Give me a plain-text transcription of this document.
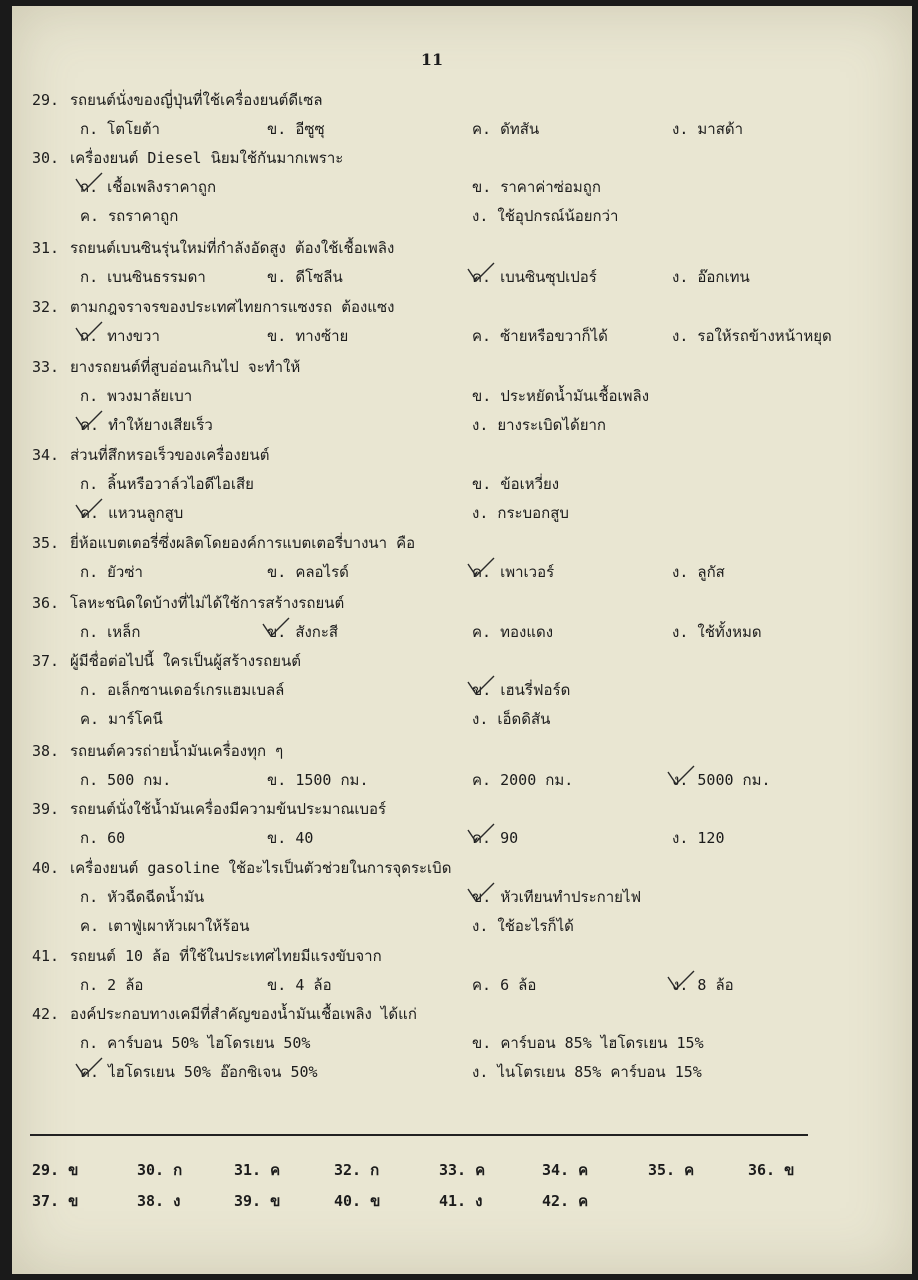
11
29. รถยนต์นั่งของญี่ปุ่นที่ใช้เครื่องยนต์ดีเซล
ก. โตโยต้า	ข. อีซูซุ	ค. ดัทสัน	ง. มาสด้า
30. เครื่องยนต์ Diesel นิยมใช้กันมากเพราะ
ก. เชื้อเพลิงราคาถูก	ข. ราคาค่าซ่อมถูก
ค. รถราคาถูก	ง. ใช้อุปกรณ์น้อยกว่า
31. รถยนต์เบนซินรุ่นใหม่ที่กำลังอัดสูง ต้องใช้เชื้อเพลิง
ก. เบนซินธรรมดา	ข. ดีโซลีน	ค. เบนซินซุปเปอร์	ง. อ๊อกเทน
32. ตามกฎจราจรของประเทศไทยการแซงรถ ต้องแซง
ก. ทางขวา	ข. ทางซ้าย	ค. ซ้ายหรือขวาก็ได้	ง. รอให้รถข้างหน้าหยุด
33. ยางรถยนต์ที่สูบอ่อนเกินไป จะทำให้
ก. พวงมาลัยเบา	ข. ประหยัดน้ำมันเชื้อเพลิง
ค. ทำให้ยางเสียเร็ว	ง. ยางระเบิดได้ยาก
34. ส่วนที่สึกหรอเร็วของเครื่องยนต์
ก. ลิ้นหรือวาล์วไอดีไอเสีย	ข. ข้อเหวี่ยง
ค. แหวนลูกสูบ	ง. กระบอกสูบ
35. ยี่ห้อแบตเตอรี่ซึ่งผลิตโดยองค์การแบตเตอรี่บางนา คือ
ก. ยัวซ่า	ข. คลอไรด์	ค. เพาเวอร์	ง. ลูกัส
36. โลหะชนิดใดบ้างที่ไม่ได้ใช้การสร้างรถยนต์
ก. เหล็ก	ข. สังกะสี	ค. ทองแดง	ง. ใช้ทั้งหมด
37. ผู้มีชื่อต่อไปนี้ ใครเป็นผู้สร้างรถยนต์
ก. อเล็กซานเดอร์เกรแฮมเบลล์	ข. เฮนรี่ฟอร์ด
ค. มาร์โคนี	ง. เอ็ดดิสัน
38. รถยนต์ควรถ่ายน้ำมันเครื่องทุก ๆ
ก. 500 กม.	ข. 1500 กม.	ค. 2000 กม.	ง. 5000 กม.
39. รถยนต์นั่งใช้น้ำมันเครื่องมีความข้นประมาณเบอร์
ก. 60	ข. 40	ค. 90	ง. 120
40. เครื่องยนต์ gasoline ใช้อะไรเป็นตัวช่วยในการจุดระเบิด
ก. หัวฉีดฉีดน้ำมัน	ข. หัวเทียนทำประกายไฟ
ค. เตาฟู่เผาหัวเผาให้ร้อน	ง. ใช้อะไรก็ได้
41. รถยนต์ 10 ล้อ ที่ใช้ในประเทศไทยมีแรงขับจาก
ก. 2 ล้อ	ข. 4 ล้อ	ค. 6 ล้อ	ง. 8 ล้อ
42. องค์ประกอบทางเคมีที่สำคัญของน้ำมันเชื้อเพลิง ได้แก่
ก. คาร์บอน 50% ไฮโดรเยน 50%	ข. คาร์บอน 85% ไฮโดรเยน 15%
ค. ไฮโดรเยน 50% อ๊อกซิเจน 50%	ง. ไนโตรเยน 85% คาร์บอน 15%
29. ข	30. ก	31. ค	32. ก	33. ค	34. ค	35. ค	36. ข
37. ข	38. ง	39. ข	40. ข	41. ง	42. ค
